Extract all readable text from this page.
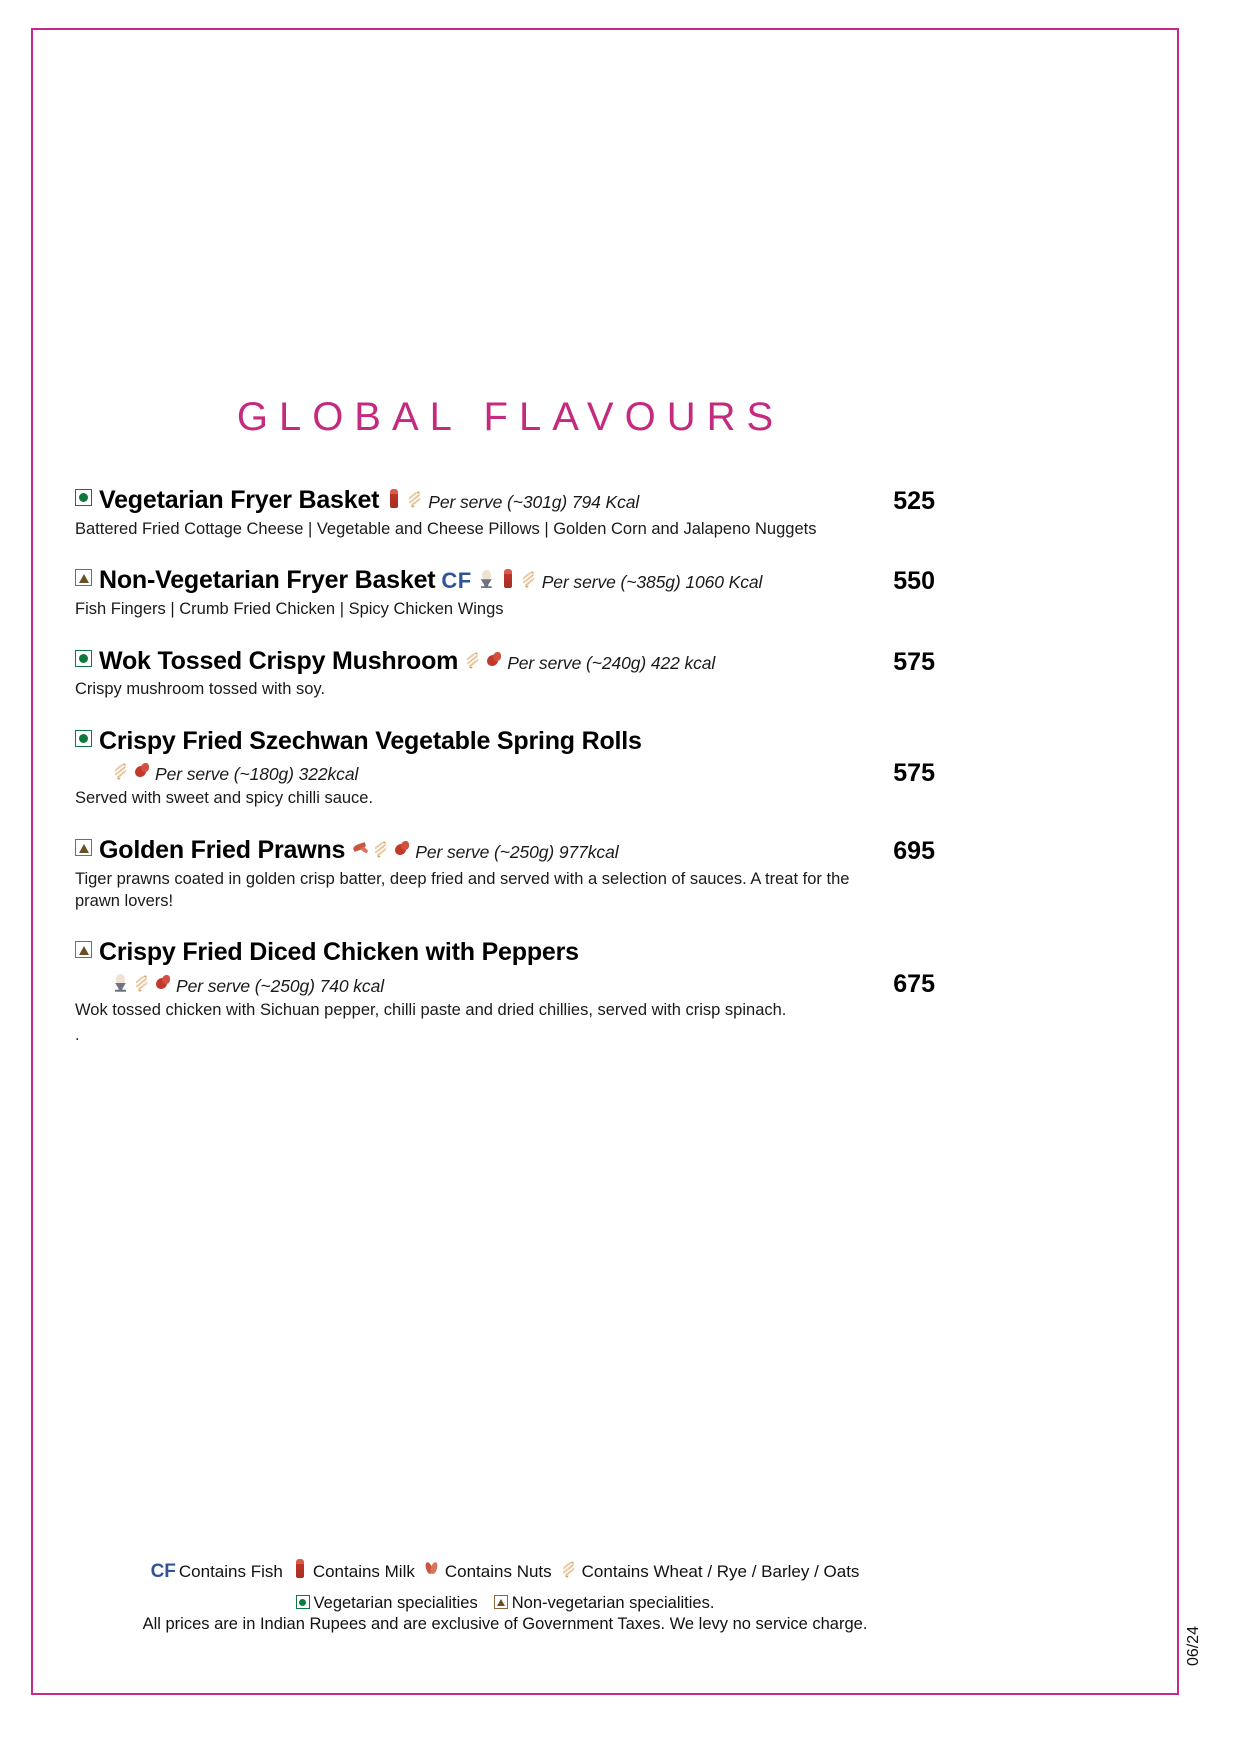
GLOBAL FLAVOURS
Vegetarian Fryer Basket	Per serve (~301g) 794 Kcal	525
Battered Fried Cottage Cheese | Vegetable and Cheese Pillows | Golden Corn and Jalapeno Nuggets
Non-Vegetarian Fryer Basket CF	Per serve (~385g) 1060 Kcal	550
Fish Fingers | Crumb Fried Chicken | Spicy Chicken Wings
Wok Tossed Crispy Mushroom	Per serve (~240g) 422 kcal	575
Crispy mushroom tossed with soy.
Crispy Fried Szechwan Vegetable Spring Rolls
Per serve (~180g) 322kcal	575
Served with sweet and spicy chilli sauce.
Golden Fried Prawns	Per serve (~250g) 977kcal	695
Tiger prawns coated in golden crisp batter, deep fried and served with a selection of sauces. A treat for the prawn lovers!
Crispy Fried Diced Chicken with Peppers
Per serve (~250g) 740 kcal	675
Wok tossed chicken with Sichuan pepper, chilli paste and dried chillies, served with crisp spinach.
.
CF Contains Fish Contains Milk Contains Nuts Contains Wheat / Rye / Barley / Oats
Vegetarian specialities Non-vegetarian specialities.
All prices are in Indian Rupees and are exclusive of Government Taxes. We levy no service charge.
06/24
